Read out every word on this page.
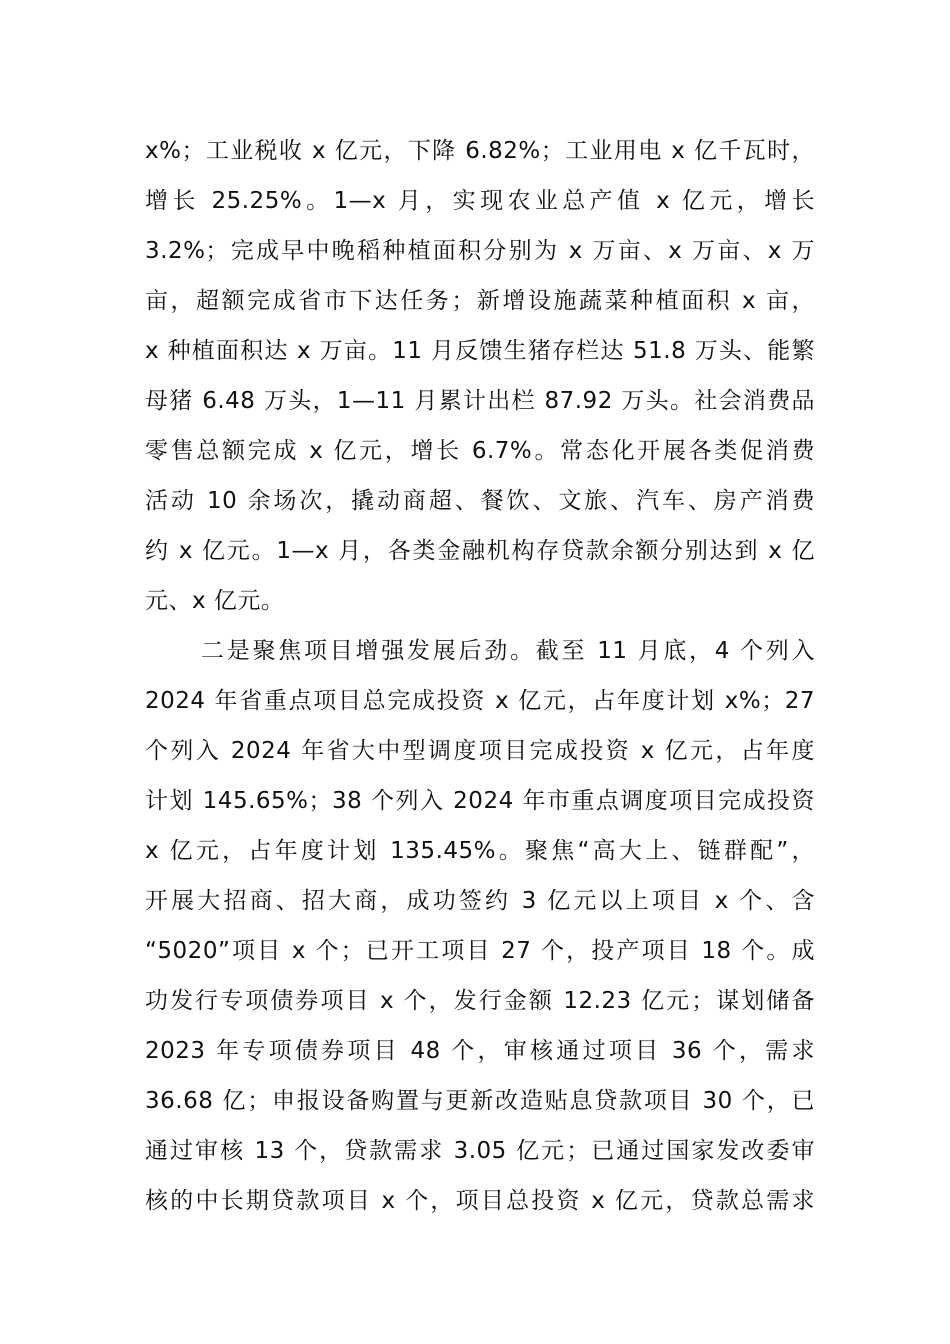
x%；工业税收 x 亿元，下降 6.82%；工业用电 x 亿千瓦时，
增长 25.25%。1—x 月，实现农业总产值 x 亿元，增长
3.2%；完成早中晚稻种植面积分别为 x 万亩、x 万亩、x 万
亩，超额完成省市下达任务；新增设施蔬菜种植面积 x 亩，
x 种植面积达 x 万亩。11 月反馈生猪存栏达 51.8 万头、能繁
母猪 6.48 万头，1—11 月累计出栏 87.92 万头。社会消费品
零售总额完成 x 亿元，增长 6.7%。常态化开展各类促消费
活动 10 余场次，撬动商超、餐饮、文旅、汽车、房产消费
约 x 亿元。1—x 月，各类金融机构存贷款余额分别达到 x 亿
元、x 亿元。
二是聚焦项目增强发展后劲。截至 11 月底，4 个列入
2024 年省重点项目总完成投资 x 亿元，占年度计划 x%；27
个列入 2024 年省大中型调度项目完成投资 x 亿元，占年度
计划 145.65%；38 个列入 2024 年市重点调度项目完成投资
x 亿元，占年度计划 135.45%。聚焦“高大上、链群配”，
开展大招商、招大商，成功签约 3 亿元以上项目 x 个、含
“5020”项目 x 个；已开工项目 27 个，投产项目 18 个。成
功发行专项债券项目 x 个，发行金额 12.23 亿元；谋划储备
2023 年专项债券项目 48 个，审核通过项目 36 个，需求
36.68 亿；申报设备购置与更新改造贴息贷款项目 30 个，已
通过审核 13 个，贷款需求 3.05 亿元；已通过国家发改委审
核的中长期贷款项目 x 个，项目总投资 x 亿元，贷款总需求
